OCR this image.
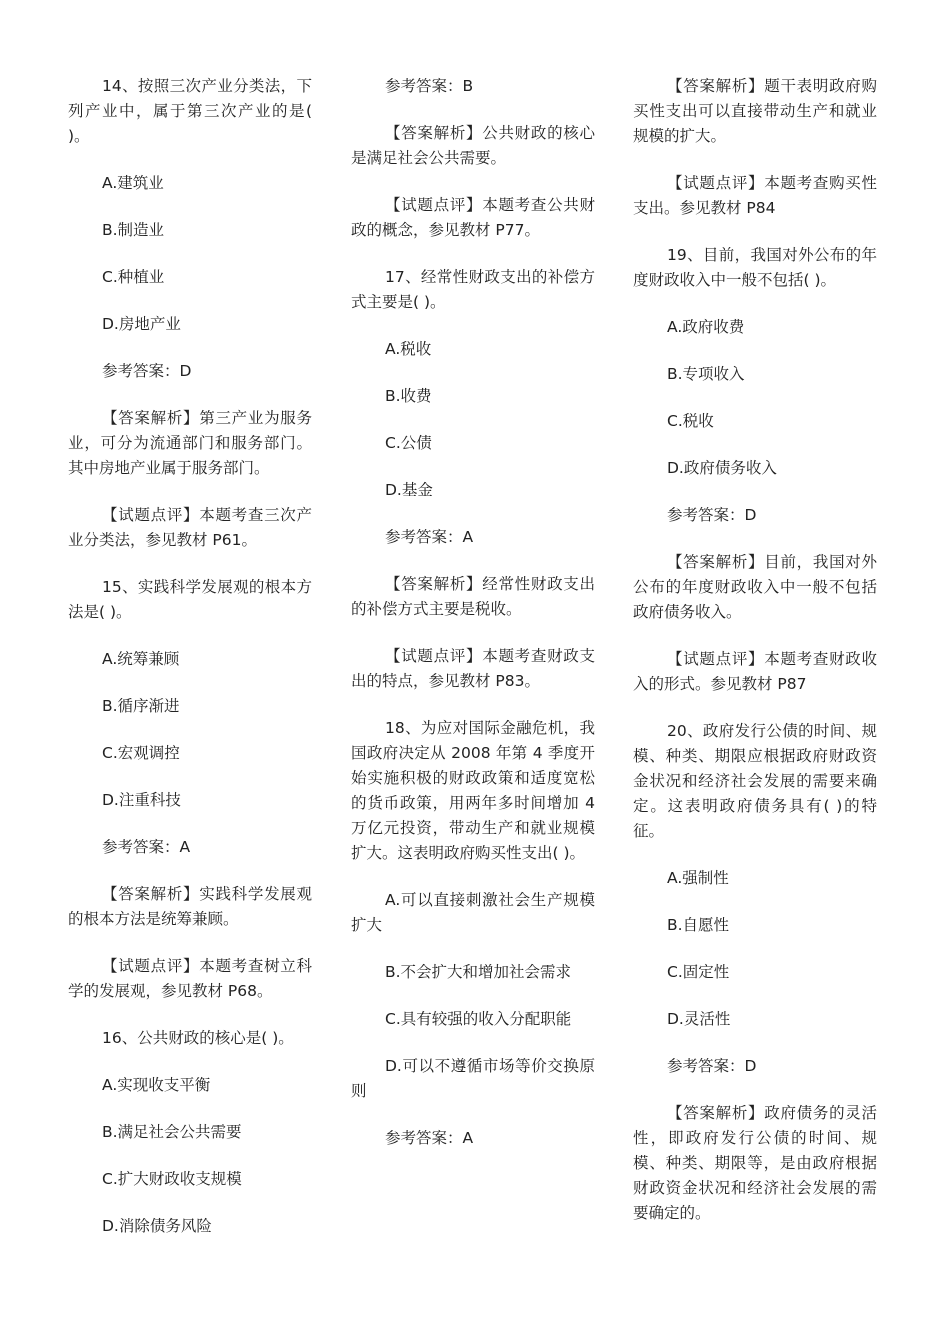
14、按照三次产业分类法，下列产业中，属于第三次产业的是( )。

A.建筑业

B.制造业

C.种植业

D.房地产业

参考答案：D

【答案解析】第三产业为服务业，可分为流通部门和服务部门。其中房地产业属于服务部门。

【试题点评】本题考查三次产业分类法，参见教材 P61。

15、实践科学发展观的根本方法是( )。

A.统筹兼顾

B.循序渐进

C.宏观调控

D.注重科技

参考答案：A

【答案解析】实践科学发展观的根本方法是统筹兼顾。

【试题点评】本题考查树立科学的发展观，参见教材 P68。

16、公共财政的核心是( )。

A.实现收支平衡

B.满足社会公共需要

C.扩大财政收支规模

D.消除债务风险

参考答案：B

【答案解析】公共财政的核心是满足社会公共需要。

【试题点评】本题考查公共财政的概念，参见教材 P77。

17、经常性财政支出的补偿方式主要是( )。

A.税收

B.收费

C.公债

D.基金

参考答案：A

【答案解析】经常性财政支出的补偿方式主要是税收。

【试题点评】本题考查财政支出的特点，参见教材 P83。

18、为应对国际金融危机，我国政府决定从 2008 年第 4 季度开始实施积极的财政政策和适度宽松的货币政策，用两年多时间增加 4 万亿元投资，带动生产和就业规模扩大。这表明政府购买性支出( )。

A.可以直接刺激社会生产规模扩大

B.不会扩大和增加社会需求

C.具有较强的收入分配职能

D.可以不遵循市场等价交换原则

参考答案：A

【答案解析】题干表明政府购买性支出可以直接带动生产和就业规模的扩大。

【试题点评】本题考查购买性支出。参见教材 P84

19、目前，我国对外公布的年度财政收入中一般不包括( )。

A.政府收费

B.专项收入

C.税收

D.政府债务收入

参考答案：D

【答案解析】目前，我国对外公布的年度财政收入中一般不包括政府债务收入。

【试题点评】本题考查财政收入的形式。参见教材 P87

20、政府发行公债的时间、规模、种类、期限应根据政府财政资金状况和经济社会发展的需要来确定。这表明政府债务具有( )的特征。

A.强制性

B.自愿性

C.固定性

D.灵活性

参考答案：D

【答案解析】政府债务的灵活性，即政府发行公债的时间、规模、种类、期限等，是由政府根据财政资金状况和经济社会发展的需要确定的。
